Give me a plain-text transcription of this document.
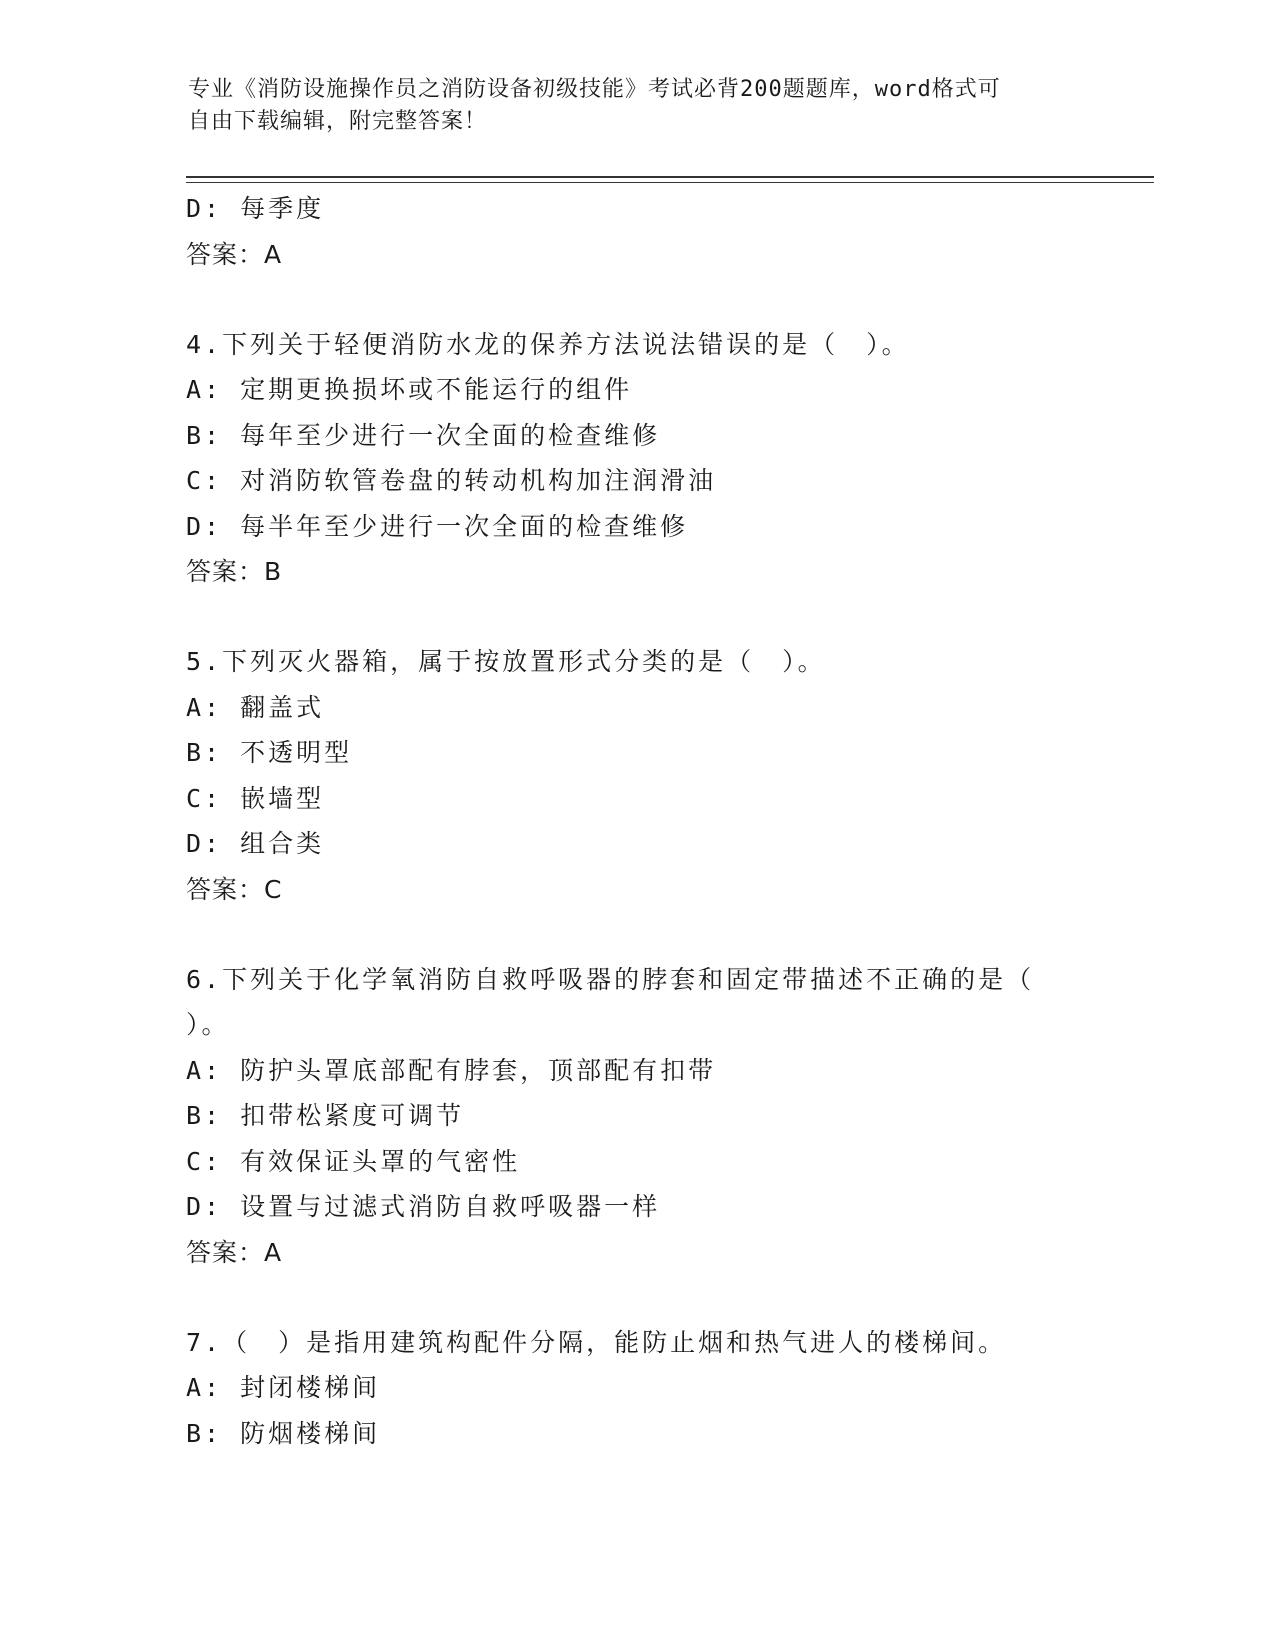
专业《消防设施操作员之消防设备初级技能》考试必背200题题库，word格式可
自由下载编辑，附完整答案！
D: 每季度
答案：A
4.下列关于轻便消防水龙的保养方法说法错误的是（　）。
A: 定期更换损坏或不能运行的组件
B: 每年至少进行一次全面的检查维修
C: 对消防软管卷盘的转动机构加注润滑油
D: 每半年至少进行一次全面的检查维修
答案：B
5.下列灭火器箱，属于按放置形式分类的是（　）。
A: 翻盖式
B: 不透明型
C: 嵌墙型
D: 组合类
答案：C
6.下列关于化学氧消防自救呼吸器的脖套和固定带描述不正确的是（
）。
A: 防护头罩底部配有脖套，顶部配有扣带
B: 扣带松紧度可调节
C: 有效保证头罩的气密性
D: 设置与过滤式消防自救呼吸器一样
答案：A
7.（　）是指用建筑构配件分隔，能防止烟和热气进人的楼梯间。
A: 封闭楼梯间
B: 防烟楼梯间
